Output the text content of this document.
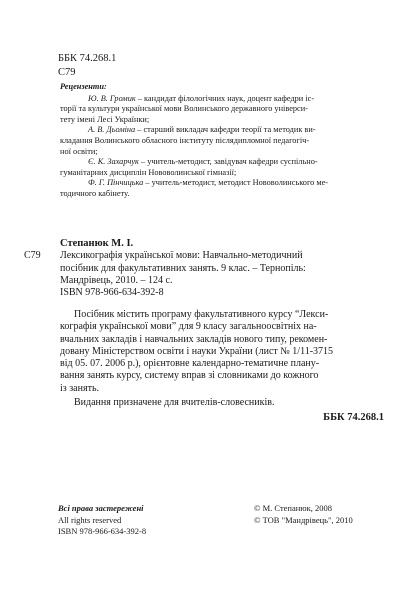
ББК 74.268.1
С79
Рецензенти:
Ю. В. Громик – кандидат філологічних наук, доцент кафедри іс-
торії та культури української мови Волинського державного універси-
тету імені Лесі Українки;
А. В. Дьоміна – старший викладач кафедри теорії та методик ви-
кладання Волинського обласного інституту післядипломної педагогіч-
ної освіти;
Є. К. Захарчук – учитель-методист, завідувач кафедри суспільно-
гуманітарних дисциплін Нововолинської гімназії;
Ф. Г. Пінчицька – учитель-методист, методист Нововолинського ме-
тодичного кабінету.
Степанюк М. І.
С79 Лексикографія української мови: Навчально-методичний
посібник для факультативних занять. 9 клас. – Тернопіль:
Мандрівець, 2010. – 124 с.
ISBN 978-966-634-392-8
Посібник містить програму факультативного курсу “Лекси-
кографія української мови” для 9 класу загальноосвітніх на-
вчальних закладів і навчальних закладів нового типу, рекомен-
довану Міністерством освіти і науки України (лист № 1/11-3715
від 05. 07. 2006 р.), орієнтовне календарно-тематичне плану-
вання занять курсу, систему вправ зі словниками до кожного
із занять.
Видання призначене для вчителів-словесників.
ББК 74.268.1
Всі права застережені
All rights reserved
ISBN 978-966-634-392-8
© М. Степанюк, 2008
© ТОВ "Мандрівець", 2010
